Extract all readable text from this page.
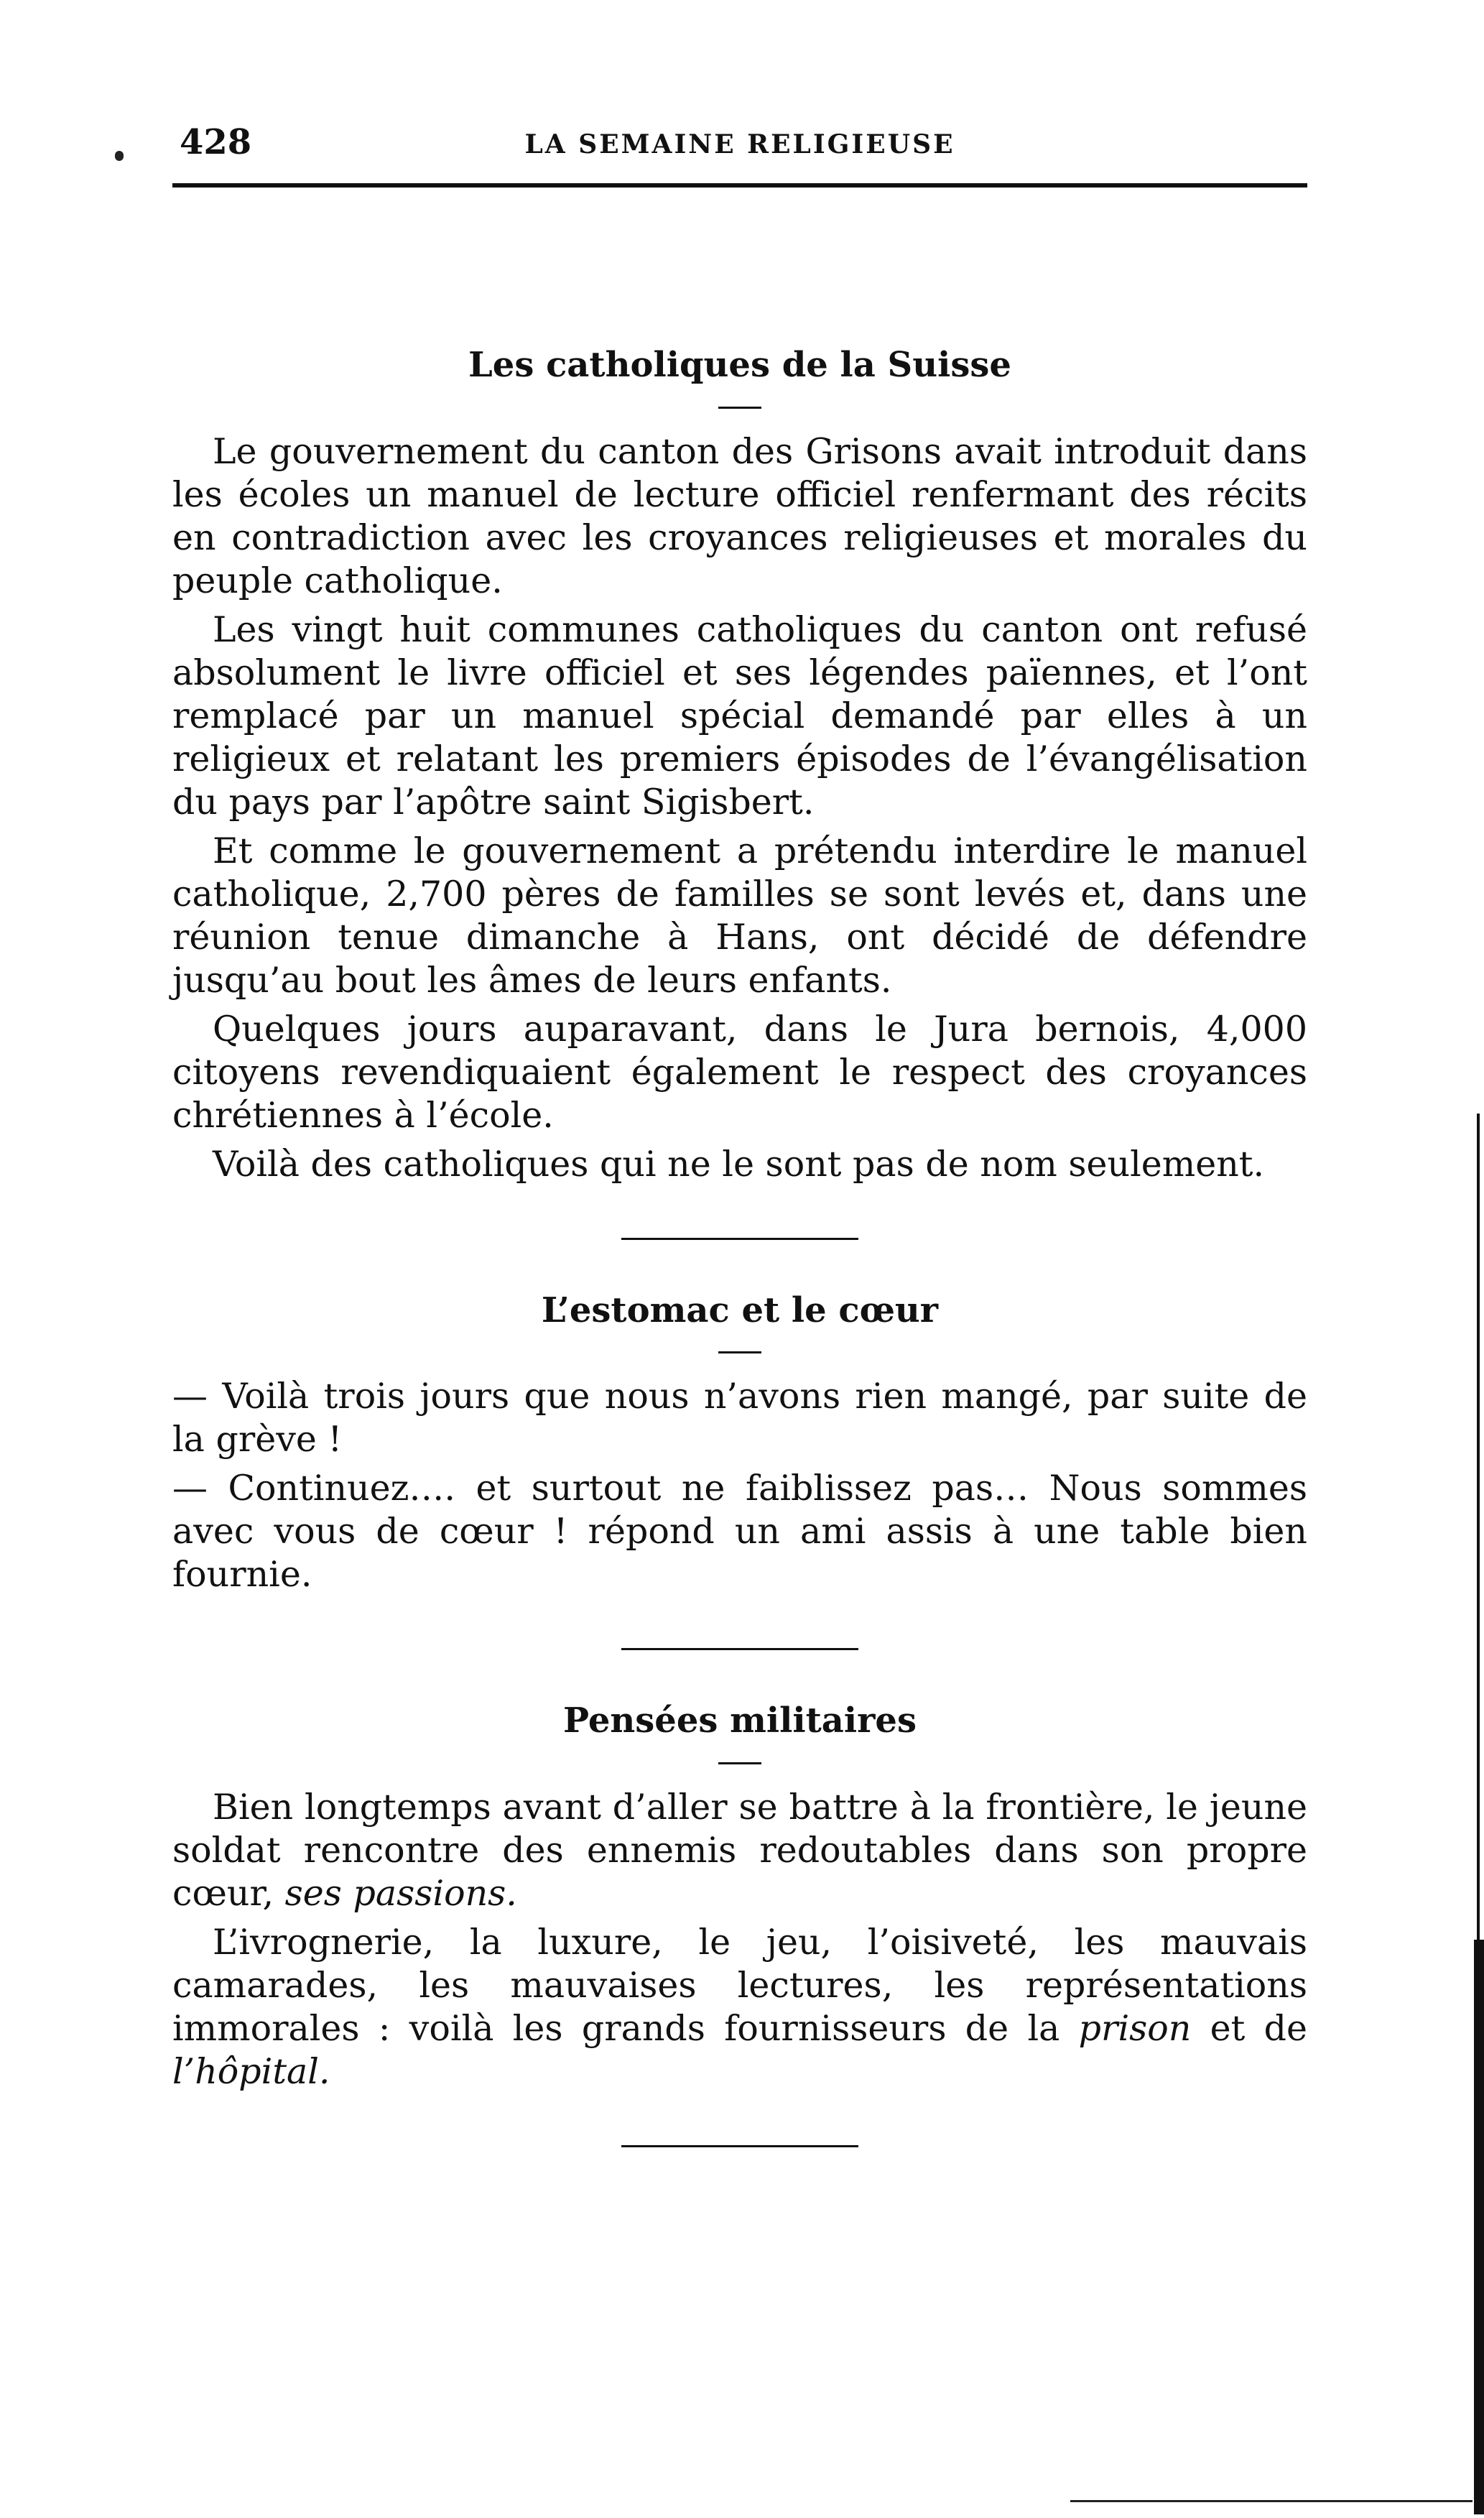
428	LA SEMAINE RELIGIEUSE
Les catholiques de la Suisse

Le gouvernement du canton des Grisons avait introduit dans les écoles un manuel de lecture officiel renfermant des récits en contradiction avec les croyances religieuses et morales du peuple catholique.

Les vingt huit communes catholiques du canton ont refusé absolument le livre officiel et ses légendes païennes, et l’ont remplacé par un manuel spécial demandé par elles à un religieux et relatant les premiers épisodes de l’évangélisation du pays par l’apôtre saint Sigisbert.

Et comme le gouvernement a prétendu interdire le manuel catholique, 2,700 pères de familles se sont levés et, dans une réunion tenue dimanche à Hans, ont décidé de défendre jusqu’au bout les âmes de leurs enfants.

Quelques jours auparavant, dans le Jura bernois, 4,000 citoyens revendiquaient également le respect des croyances chrétiennes à l’école.

Voilà des catholiques qui ne le sont pas de nom seulement.

L’estomac et le cœur

— Voilà trois jours que nous n’avons rien mangé, par suite de la grève !

— Continuez…. et surtout ne faiblissez pas… Nous sommes avec vous de cœur ! répond un ami assis à une table bien fournie.

Pensées militaires

Bien longtemps avant d’aller se battre à la frontière, le jeune soldat rencontre des ennemis redoutables dans son propre cœur, ses passions.

L’ivrognerie, la luxure, le jeu, l’oisiveté, les mauvais camarades, les mauvaises lectures, les représentations immorales : voilà les grands fournisseurs de la prison et de l’hôpital.
